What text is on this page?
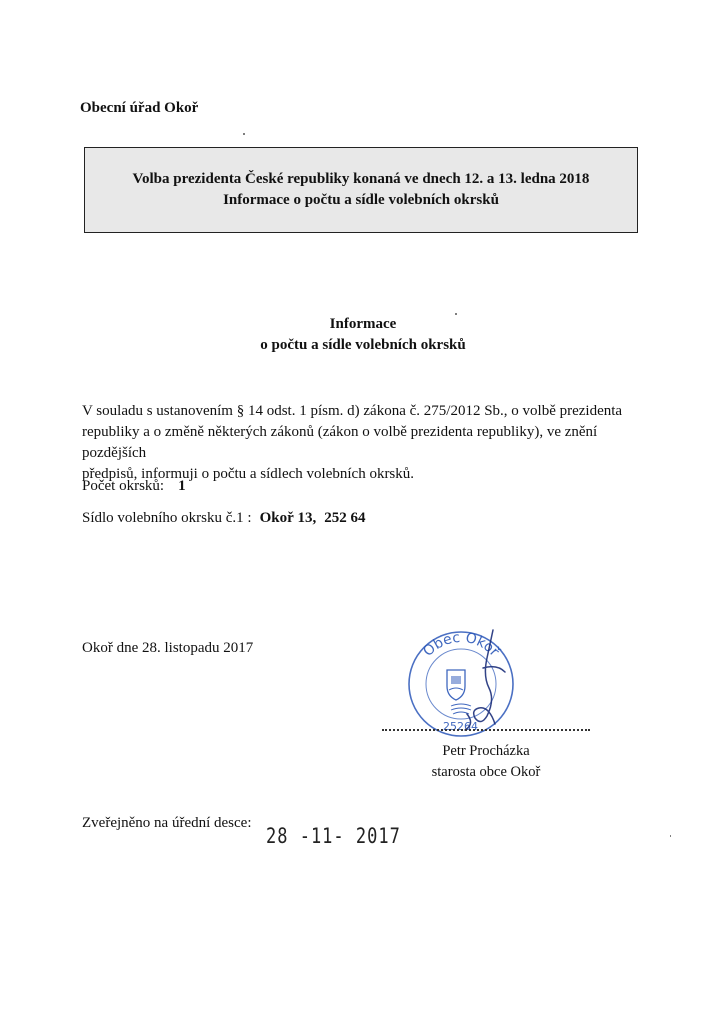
Obecní úřad Okoř
Volba prezidenta České republiky konaná ve dnech 12. a 13. ledna 2018
Informace o počtu a sídle volebních okrsků
Informace
o počtu a sídle volebních okrsků
V souladu s ustanovením § 14 odst. 1 písm. d) zákona č. 275/2012 Sb., o volbě prezidenta
republiky a o změně některých zákonů (zákon o volbě prezidenta republiky), ve znění pozdějších
předpisů, informuji o počtu a sídlech volebních okrsků.
Počet okrsků: 1
Sídlo volebního okrsku č.1 : Okoř 13, 252 64
Okoř dne 28. listopadu 2017	Obec Okoř
25264
Petr Procházka
starosta obce Okoř
Zveřejněno na úřední desce:
28 -11- 2017
